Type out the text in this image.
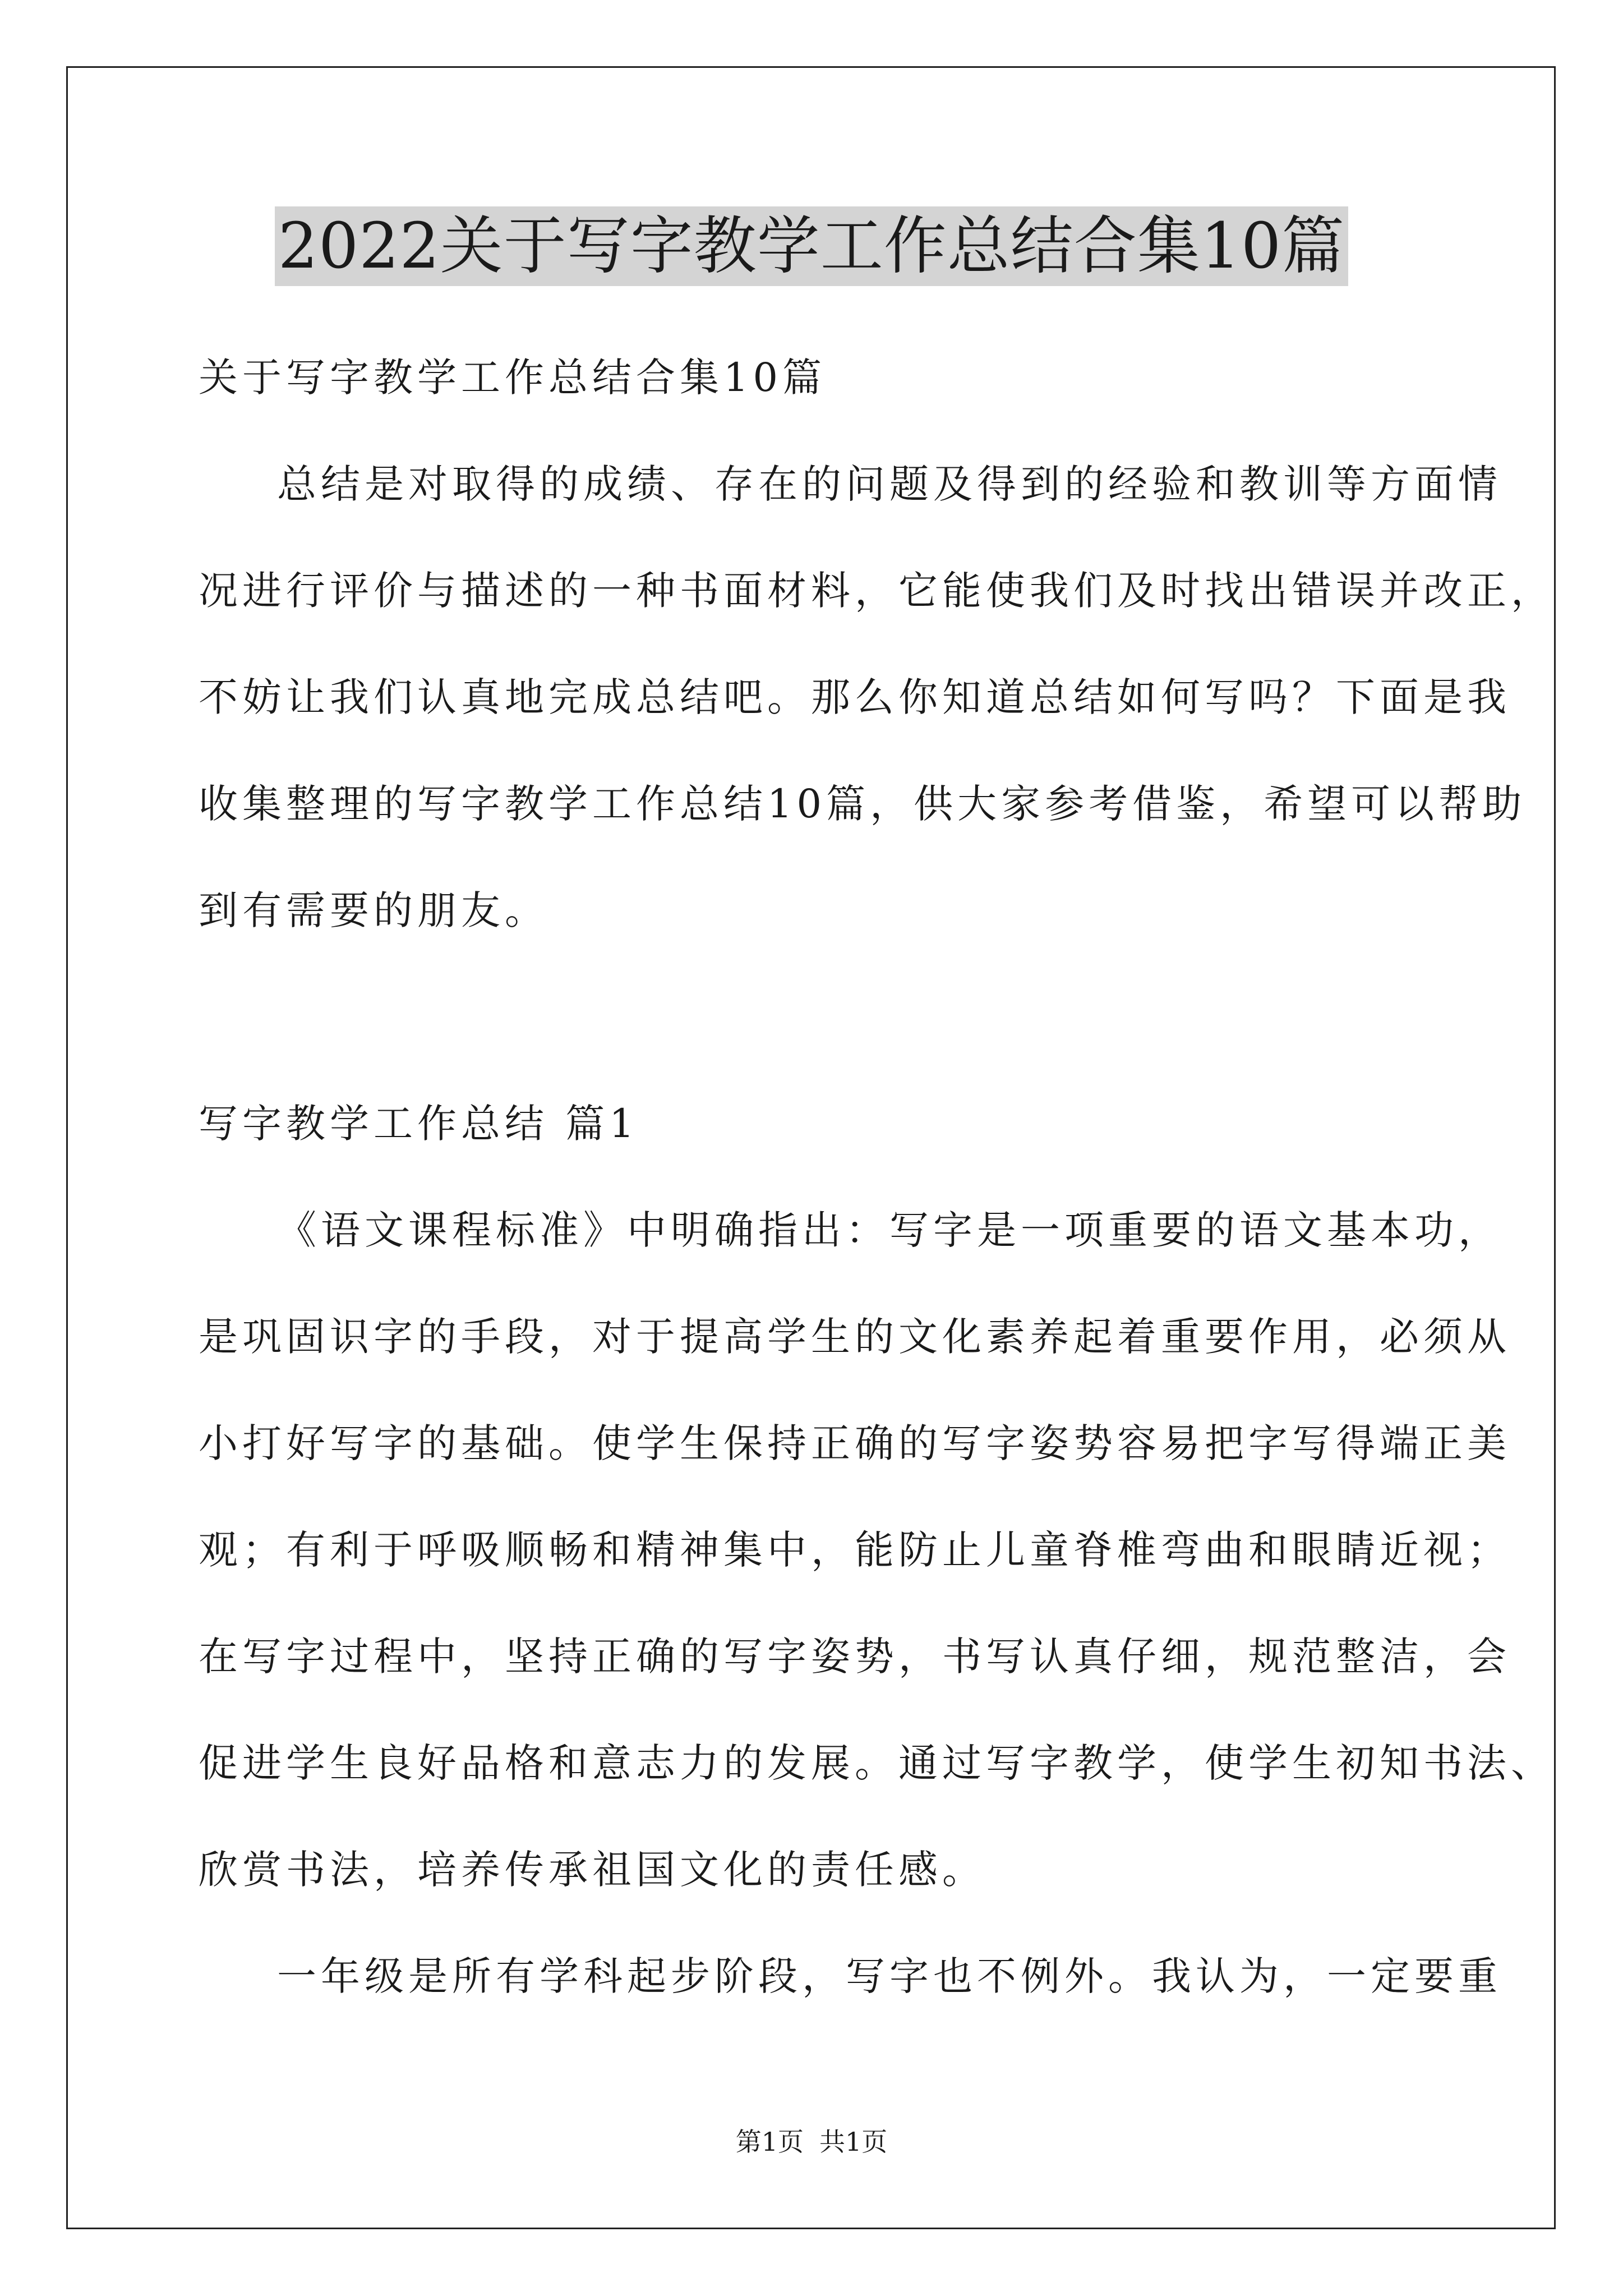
2022关于写字教学工作总结合集10篇
关于写字教学工作总结合集10篇
总结是对取得的成绩、存在的问题及得到的经验和教训等方面情
况进行评价与描述的一种书面材料，它能使我们及时找出错误并改正，
不妨让我们认真地完成总结吧。那么你知道总结如何写吗？下面是我
收集整理的写字教学工作总结10篇，供大家参考借鉴，希望可以帮助
到有需要的朋友。
写字教学工作总结 篇1
《语文课程标准》中明确指出：写字是一项重要的语文基本功，
是巩固识字的手段，对于提高学生的文化素养起着重要作用，必须从
小打好写字的基础。使学生保持正确的写字姿势容易把字写得端正美
观；有利于呼吸顺畅和精神集中，能防止儿童脊椎弯曲和眼睛近视；
在写字过程中，坚持正确的写字姿势，书写认真仔细，规范整洁，会
促进学生良好品格和意志力的发展。通过写字教学，使学生初知书法、
欣赏书法，培养传承祖国文化的责任感。
一年级是所有学科起步阶段，写字也不例外。我认为，一定要重
第1页 共1页
